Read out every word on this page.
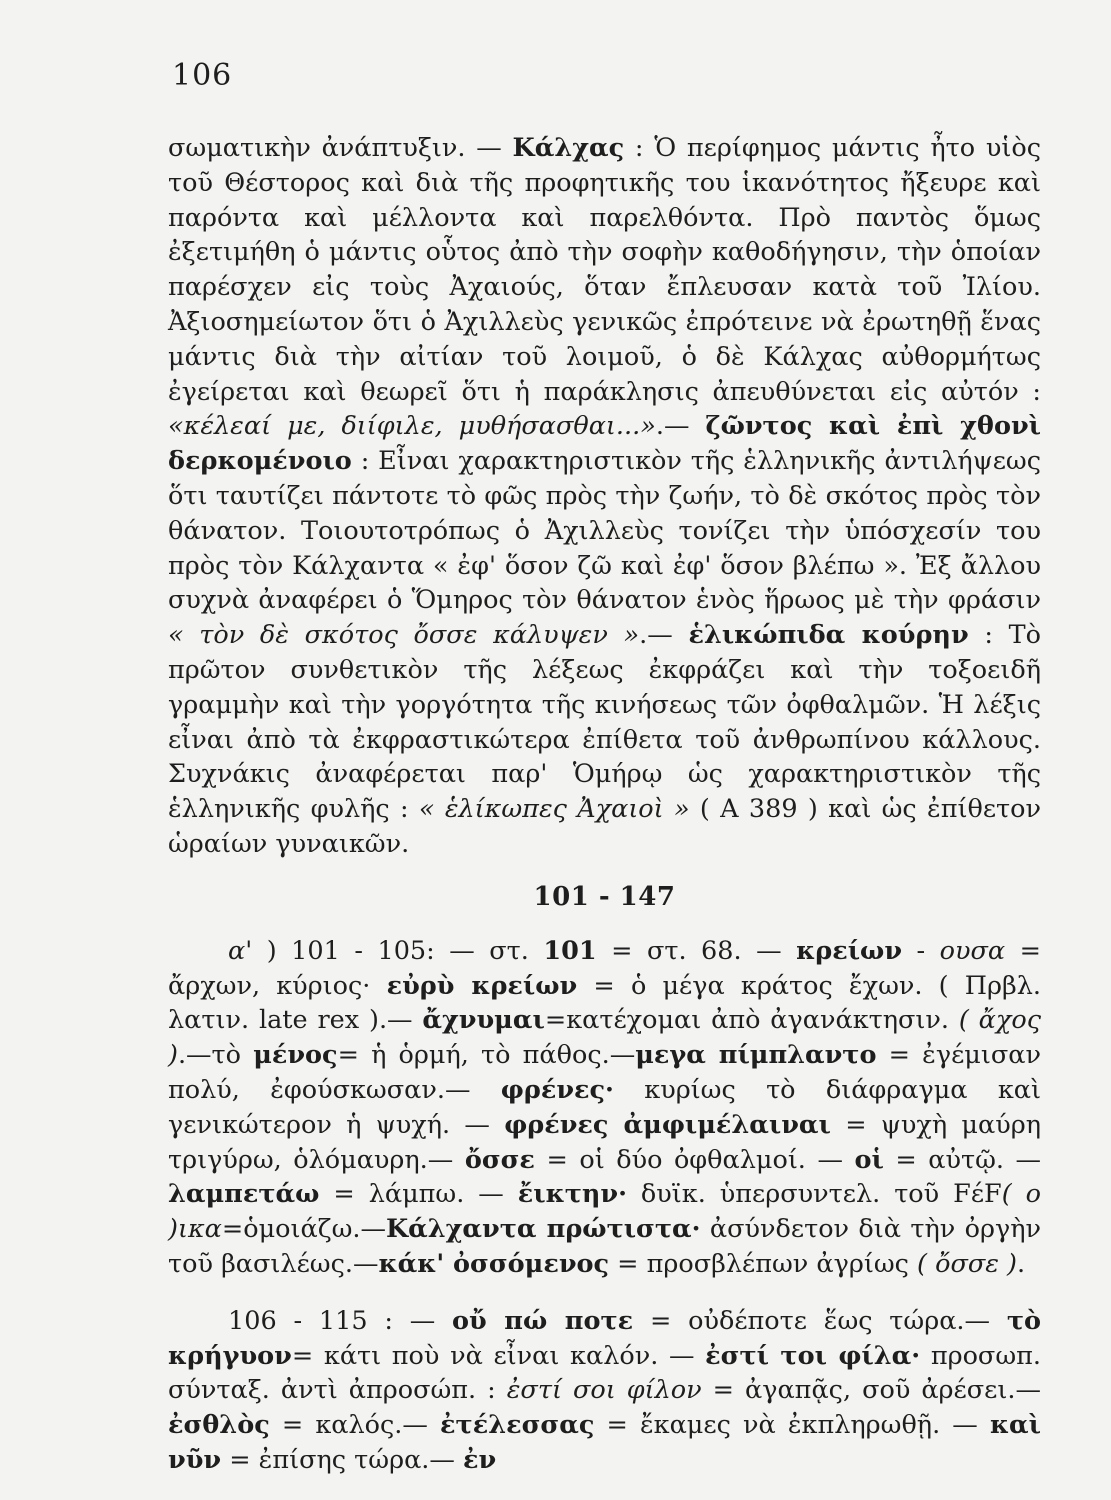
106

σωματικὴν ἀνάπτυξιν. — Κάλχας : Ὁ περίφημος μάντις ἦτο υἱὸς τοῦ Θέστορος καὶ διὰ τῆς προφητικῆς του ἱκανότητος ἤξευρε καὶ παρόντα καὶ μέλλοντα καὶ παρελθόντα. Πρὸ παντὸς ὅμως ἐξετιμήθη ὁ μάντις οὗτος ἀπὸ τὴν σοφὴν καθοδήγησιν, τὴν ὁποίαν παρέσχεν εἰς τοὺς Ἀχαιούς, ὅταν ἔπλευσαν κατὰ τοῦ Ἰλίου. Ἀξιοσημείωτον ὅτι ὁ Ἀχιλλεὺς γενικῶς ἐπρότεινε νὰ ἐρωτηθῇ ἕνας μάντις διὰ τὴν αἰτίαν τοῦ λοιμοῦ, ὁ δὲ Κάλχας αὐθορμήτως ἐγείρεται καὶ θεωρεῖ ὅτι ἡ παράκλησις ἀπευθύνεται εἰς αὐτόν : «κέλεαί με, διίφιλε, μυθήσασθαι...».— ζῶντος καὶ ἐπὶ χθονὶ δερκομένοιο : Εἶναι χαρακτηριστικὸν τῆς ἑλληνικῆς ἀντιλήψεως ὅτι ταυτίζει πάντοτε τὸ φῶς πρὸς τὴν ζωήν, τὸ δὲ σκότος πρὸς τὸν θάνατον. Τοιουτοτρόπως ὁ Ἀχιλλεὺς τονίζει τὴν ὑπόσχεσίν του πρὸς τὸν Κάλχαντα « ἐφ' ὅσον ζῶ καὶ ἐφ' ὅσον βλέπω ». Ἐξ ἄλλου συχνὰ ἀναφέρει ὁ Ὅμηρος τὸν θάνατον ἑνὸς ἥρωος μὲ τὴν φράσιν « τὸν δὲ σκότος ὄσσε κάλυψεν ».— ἑλικώπιδα κούρην : Τὸ πρῶτον συνθετικὸν τῆς λέξεως ἐκφράζει καὶ τὴν τοξοειδῆ γραμμὴν καὶ τὴν γοργότητα τῆς κινήσεως τῶν ὀφθαλμῶν. Ἡ λέξις εἶναι ἀπὸ τὰ ἐκφραστικώτερα ἐπίθετα τοῦ ἀνθρωπίνου κάλλους. Συχνάκις ἀναφέρεται παρ' Ὁμήρῳ ὡς χαρακτηριστικὸν τῆς ἑλληνικῆς φυλῆς : « ἑλίκωπες Ἀχαιοὶ » ( Α 389 ) καὶ ὡς ἐπίθετον ὡραίων γυναικῶν.

101 - 147

α' ) 101 - 105: — στ. 101 = στ. 68. — κρείων - ουσα = ἄρχων, κύριος· εὐρὺ κρείων = ὁ μέγα κράτος ἔχων. ( Πρβλ. λατιν. late rex ).— ἄχνυμαι=κατέχομαι ἀπὸ ἀγανάκτησιν. ( ἄχος ).—τὸ μένος= ἡ ὁρμή, τὸ πάθος.—μεγα πίμπλαντο = ἐγέμισαν πολύ, ἐφούσκωσαν.— φρένες· κυρίως τὸ διάφραγμα καὶ γενικώτερον ἡ ψυχή. — φρένες ἀμφιμέλαιναι = ψυχὴ μαύρη τριγύρω, ὁλόμαυρη.— ὄσσε = οἱ δύο ὀφθαλμοί. — οἱ = αὐτῷ. — λαμπετάω = λάμπω. — ἔικτην· δυϊκ. ὑπερσυντελ. τοῦ FέF( ο )ικα=ὁμοιάζω.—Κάλχαντα πρώτιστα· ἀσύνδετον διὰ τὴν ὀργὴν τοῦ βασιλέως.—κάκ' ὀσσόμενος = προσβλέπων ἀγρίως ( ὄσσε ).

106 - 115 : — οὔ πώ ποτε = οὐδέποτε ἕως τώρα.— τὸ κρήγυον= κάτι ποὺ νὰ εἶναι καλόν. — ἐστί τοι φίλα· προσωπ. σύνταξ. ἀντὶ ἀπροσώπ. : ἐστί σοι φίλον = ἀγαπᾷς, σοῦ ἀρέσει.— ἐσθλὸς = καλός.— ἐτέλεσσας = ἔκαμες νὰ ἐκπληρωθῇ. — καὶ νῦν = ἐπίσης τώρα.— ἐν
